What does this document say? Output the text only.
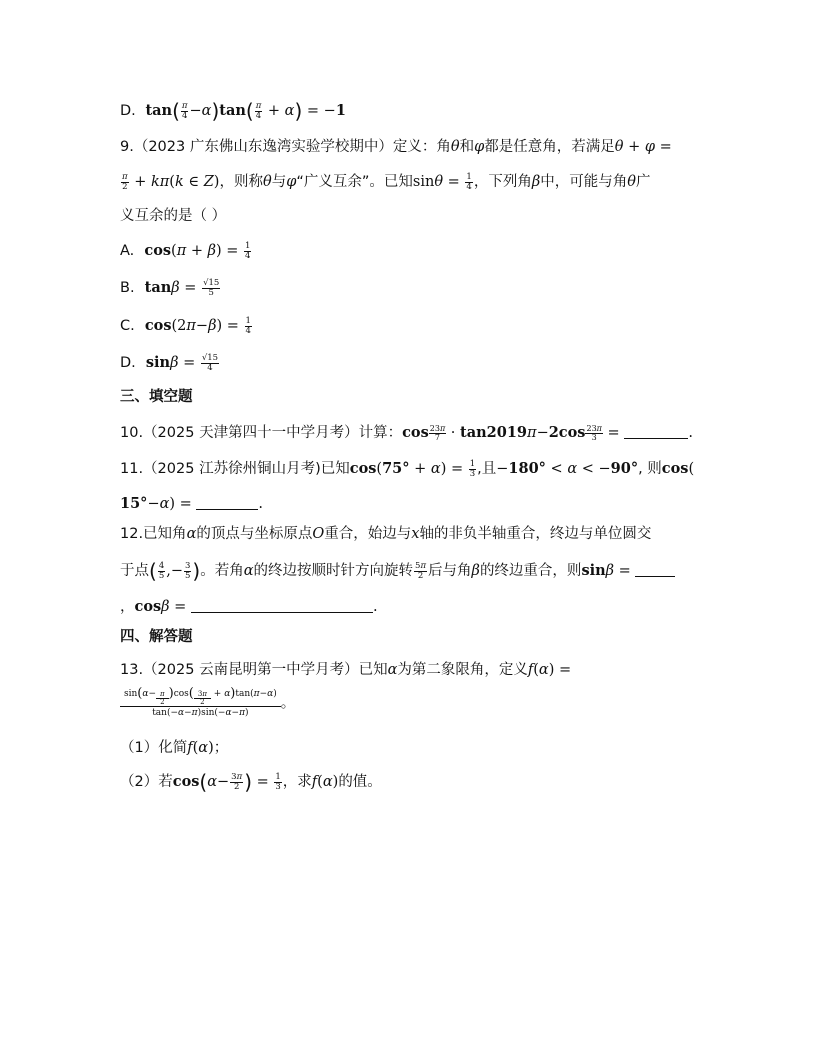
D.  $\tan( \frac{\pi}{4} -\alpha)\tan( \frac{\pi}{4} + \alpha) = -1$
9.（2023 广东佛山东逸湾实验学校期中）定义：角θ和φ都是任意角，若满足θ + φ =
$\frac{\pi}{2} + k\pi(k$ ∈ Z)，则称θ与φ“广义互余”。已知$\sin\theta = \frac{1}{4}$ ，下列角β中，可能与角θ广
义互余的是（ ）
A.  $\cos(\pi + \beta) = \frac{1}{4}$
B.  $\tan\beta = \frac{√15}{5}$
C.  $\cos(2\pi-\beta) = \frac{1}{4}$
D.  $\sin\beta = \frac{√15}{4}$
三、填空题
10.（2025 天津第四十一中学月考）计算：$\cos \frac{23\pi}{7} \cdot \tan 2019\pi-2\cos \frac{23\pi}{3}$ =	.
11.（2025 江苏徐州铜山月考)已知$\cos(75^\circ + \alpha) = \frac{1}{3}$ ,且−180° < α < −90°, 则cos(
15°−α) =	.
12.已知角α的顶点与坐标原点O重合，始边与x轴的非负半轴重合，终边与单位圆交
于点( $\frac{4}{5}$ ,− $\frac{3}{5}$ )。若角α的终边按顺时针方向旋转 $\frac{5\pi}{2}$ 后与角β的终边重合，则sinβ =
，cosβ =	.
四、解答题
13.（2025 云南昆明第一中学月考）已知α为第二象限角，定义f(α) =
$\frac{\sin(\alpha- \frac{\pi}{2} )\cos( \frac{3\pi}{2} + \alpha)\tan(\pi-\alpha)}{\tan(-\alpha-\pi)\sin(-\alpha-\pi)}$ 。
（1）化简f(α)；
（2）若$\cos(\alpha- \frac{3\pi}{2}$ ) = $\frac{1}{3}$ ，求f(α)的值。
